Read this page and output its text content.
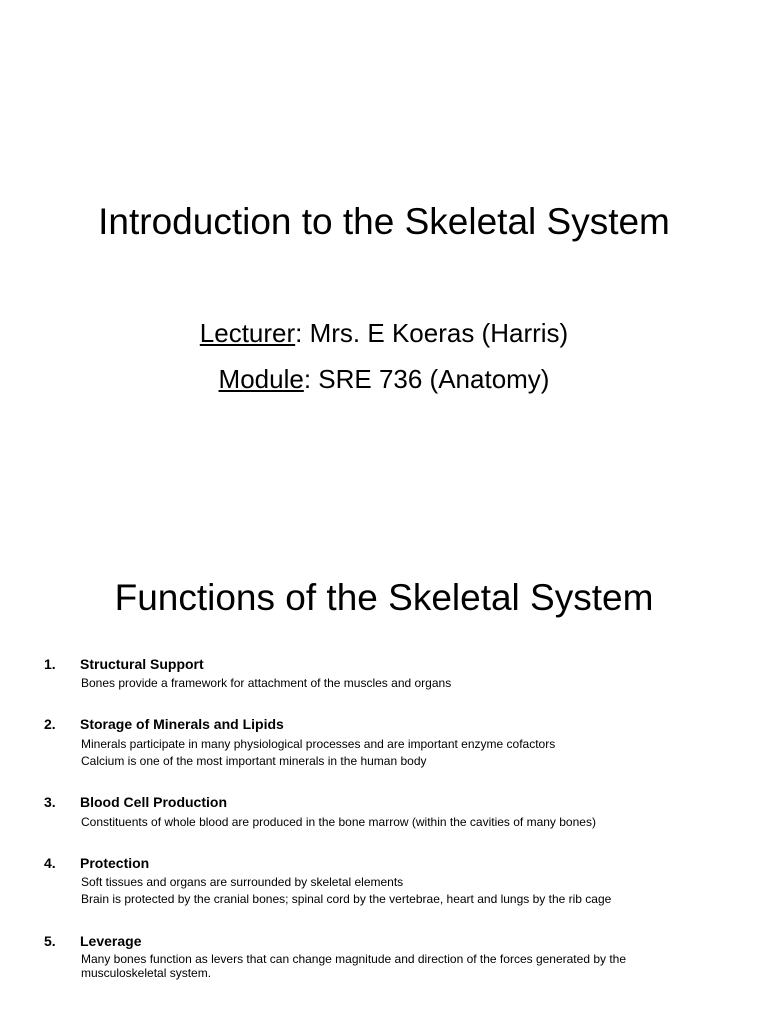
Introduction to the Skeletal System
Lecturer: Mrs. E Koeras (Harris)
Module: SRE 736 (Anatomy)
Functions of the Skeletal System
1. Structural Support
Bones provide a framework for attachment of the muscles and organs
2. Storage of Minerals and Lipids
Minerals participate in many physiological processes and are important enzyme cofactors
Calcium is one of the most important minerals in the human body
3. Blood Cell Production
Constituents of whole blood are produced in the bone marrow (within the cavities of many bones)
4. Protection
Soft tissues and organs are surrounded by skeletal elements
Brain is protected by the cranial bones; spinal cord by the vertebrae, heart and lungs by the rib cage
5. Leverage
Many bones function as levers that can change magnitude and direction of the forces generated by the musculoskeletal system.
